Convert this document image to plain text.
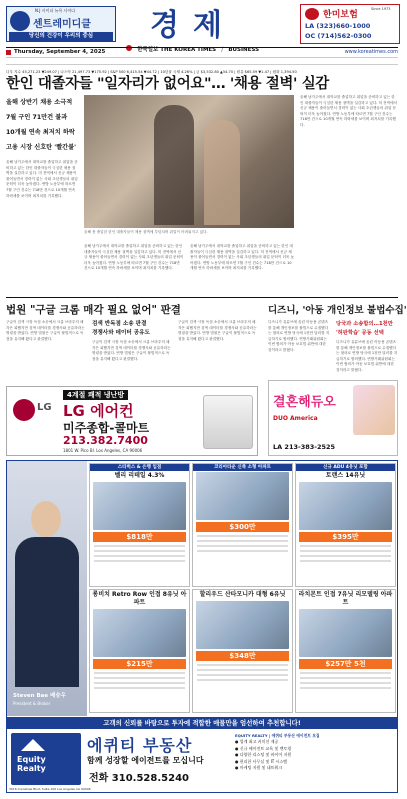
N.J 사이더 뉴욕 사이다
센트레미디클
당신의 건강이 우리의 중심	경제
한국일보 THE KOREA TIMES / BUSINESS
한미보험
Since 1973
LA (323)660-1000
OC (714)562-0300
Thursday, September 4, 2025	www.koreatimes.com
다우 지수 45,271.23 ▼249.07 | 나스닥 21,497.73 ▼175.92 | S&P 500 6,415.54 ▼44.72 | 10년물 국채 4.26% | 금 $3,532.80 ▲54.70 | 원유 $65.59 ▼1.47 | 원화 1,394.50
한인 대졸자들 "일자리가 없어요"… '채용 절벽' 실감
올해 상반기 채용 소극적
7월 구인 71만건 불과
10개월 연속 최저치 하락
고용 시장 신호탄 '빨간불'
올해 남가주에서 대학교를 졸업하고 취업을 준비하고 있는 한인 대졸자들이 극심한 채용 절벽을 실감하고 있다. 미 전역에서 신규 채용이 줄어들면서 경력이 없는 사회 초년생들의 취업 문턱이 더욱 높아졌다. 연방 노동부에 따르면 7월 구인 건수는 718만 건으로 10개월 연속 하락세를 보이며 최저치를 기록했다.
올해 봄 졸업한 한인 대졸자들이 채용 절벽에 부딪치며 취업이 어려워지고 있다.
올해 남가주에서 대학교를 졸업하고 취업을 준비하고 있는 한인 대졸자들이 극심한 채용 절벽을 실감하고 있다. 미 전역에서 신규 채용이 줄어들면서 경력이 없는 사회 초년생들의 취업 문턱이 더욱 높아졌다. 연방 노동부에 따르면 7월 구인 건수는 718만 건으로 10개월 연속 하락세를 보이며 최저치를 기록했다.
올해 남가주에서 대학교를 졸업하고 취업을 준비하고 있는 한인 대졸자들이 극심한 채용 절벽을 실감하고 있다. 미 전역에서 신규 채용이 줄어들면서 경력이 없는 사회 초년생들의 취업 문턱이 더욱 높아졌다. 연방 노동부에 따르면 7월 구인 건수는 718만 건으로 10개월 연속 하락세를 보이며 최저치를 기록했다.
올해 남가주에서 대학교를 졸업하고 취업을 준비하고 있는 한인 대졸자들이 극심한 채용 절벽을 실감하고 있다. 미 전역에서 신규 채용이 줄어들면서 경력이 없는 사회 초년생들의 취업 문턱이 더욱 높아졌다. 연방 노동부에 따르면 7월 구인 건수는 718만 건으로 10개월 연속 하락세를 보이며 최저치를 기록했다.
법원 "구글 크롬 매각 필요 없어" 판결
구글이 검색 시장 독점 소송에서 크롬 브라우저 매각은 피했지만 검색 데이터를 경쟁사와 공유하라는 명령을 받았다. 연방 법원은 구글이 불법적으로 독점을 유지해 왔다고 판결했다.
검색 반독점 소송 판결
경쟁사와 데이터 공유도
구글이 검색 시장 독점 소송에서 크롬 브라우저 매각은 피했지만 검색 데이터를 경쟁사와 공유하라는 명령을 받았다. 연방 법원은 구글이 불법적으로 독점을 유지해 왔다고 판결했다.
구글이 검색 시장 독점 소송에서 크롬 브라우저 매각은 피했지만 검색 데이터를 경쟁사와 공유하라는 명령을 받았다. 연방 법원은 구글이 불법적으로 독점을 유지해 왔다고 판결했다.
LG
4계절 쾌적 냉난방
LG 에어컨
미주종합-콜마트
213.382.7400
1801 W. Pico Bl. Los Angeles, CA 90006
디즈니, '아동 개인정보 불법수집'
디즈니가 유튜브에 올린 아동용 콘텐츠를 통해 개인정보를 불법으로 수집했다는 혐의로 연방 당국에 1천만 달러를 지급하기로 합의했다. 연방거래위원회는 이번 합의가 아동 보호법 위반에 대한 것이라고 밝혔다.
당국과 소송합의…1천만
'허판학습' 공동 선택
디즈니가 유튜브에 올린 아동용 콘텐츠를 통해 개인정보를 불법으로 수집했다는 혐의로 연방 당국에 1천만 달러를 지급하기로 합의했다. 연방거래위원회는 이번 합의가 아동 보호법 위반에 대한 것이라고 밝혔다.
결혼해듀오
DUO America
LA 213-383-2525
Steven Bae 배승우
President & Broker
스타벅스 & 은행 입점
벨리 리테일 4.3%
$818만
코리아타운 신축 소형 아파트
$300만
신규 ADU 4유닛 포함
토랜스 14유닛
$395만
롱비치 Retro Row 인접 8유닛 아파트
$215만
할리우드 산타모니카 대형 6유닛
$348만
라치몬트 인접 7유닛 리모델링 아파트
$257만 5천
고객의 신뢰를 바탕으로 투자에 적합한 매물만을 엄선하여 추천합니다!
Equity Realty
3016 Crenshaw Blvd, Suite 100 Los Angeles CA 90008
에퀴티 부동산
함께 성장할 에이전트를 모십니다
전화 310.528.5240
EQUITY REALTY | 에퀴티 부동산 에이전트 모집
● 업계 최고 커미션 제공
● 신규 에이전트 교육 및 멘토링
● 다양한 리스팅 및 바이어 지원
● 편리한 사무실 및 IT 시스템
● 마케팅 지원 및 네트워크
